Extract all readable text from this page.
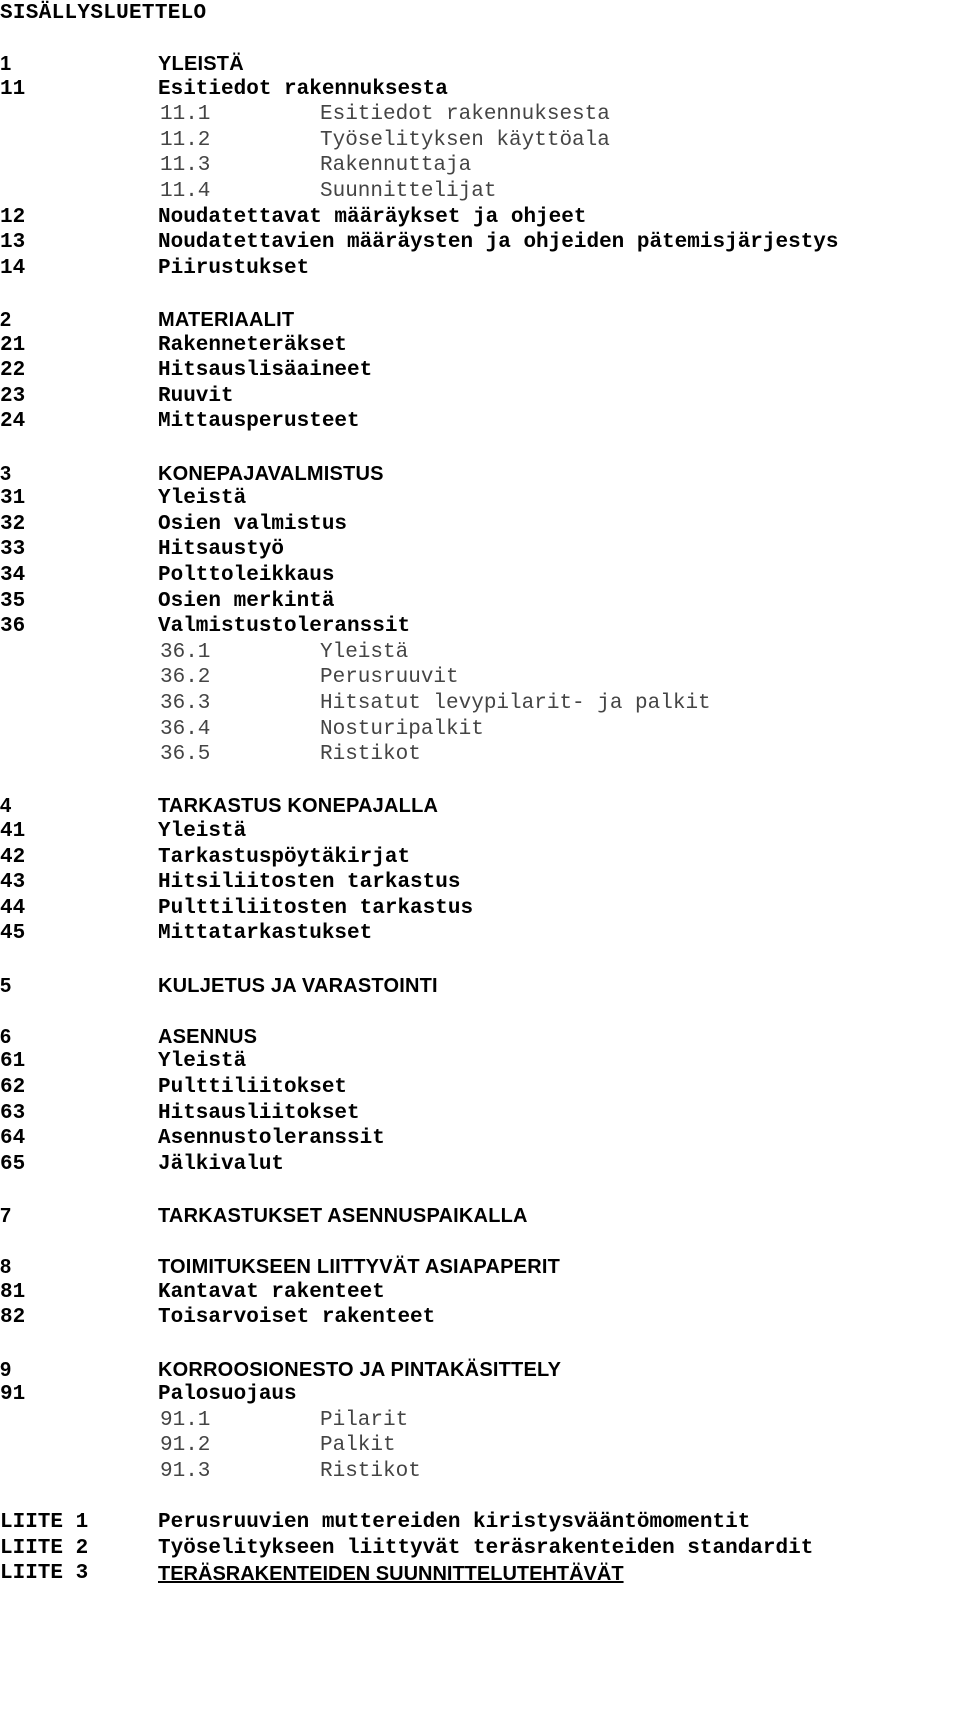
SISÄLLYSLUETTELO
1	YLEISTÄ
11	Esitiedot rakennuksesta
11.1	Esitiedot rakennuksesta
11.2	Työselityksen käyttöala
11.3	Rakennuttaja
11.4	Suunnittelijat
12	Noudatettavat määräykset ja ohjeet
13	Noudatettavien määräysten ja ohjeiden pätemisjärjestys
14	Piirustukset
2	MATERIAALIT
21	Rakenneteräkset
22	Hitsauslisäaineet
23	Ruuvit
24	Mittausperusteet
3	KONEPAJAVALMISTUS
31	Yleistä
32	Osien valmistus
33	Hitsaustyö
34	Polttoleikkaus
35	Osien merkintä
36	Valmistustoleranssit
36.1	Yleistä
36.2	Perusruuvit
36.3	Hitsatut levypilarit- ja palkit
36.4	Nosturipalkit
36.5	Ristikot
4	TARKASTUS KONEPAJALLA
41	Yleistä
42	Tarkastuspöytäkirjat
43	Hitsiliitosten tarkastus
44	Pulttiliitosten tarkastus
45	Mittatarkastukset
5	KULJETUS JA VARASTOINTI
6	ASENNUS
61	Yleistä
62	Pulttiliitokset
63	Hitsausliitokset
64	Asennustoleranssit
65	Jälkivalut
7	TARKASTUKSET ASENNUSPAIKALLA
8	TOIMITUKSEEN LIITTYVÄT ASIAPAPERIT
81	Kantavat rakenteet
82	Toisarvoiset rakenteet
9	KORROOSIONESTO JA PINTAKÄSITTELY
91	Palosuojaus
91.1	Pilarit
91.2	Palkit
91.3	Ristikot
LIITE 1	Perusruuvien muttereiden kiristysvääntömomentit
LIITE 2	Työselitykseen liittyvät teräsrakenteiden standardit
LIITE 3	TERÄSRAKENTEIDEN SUUNNITTELUTEHTÄVÄT
